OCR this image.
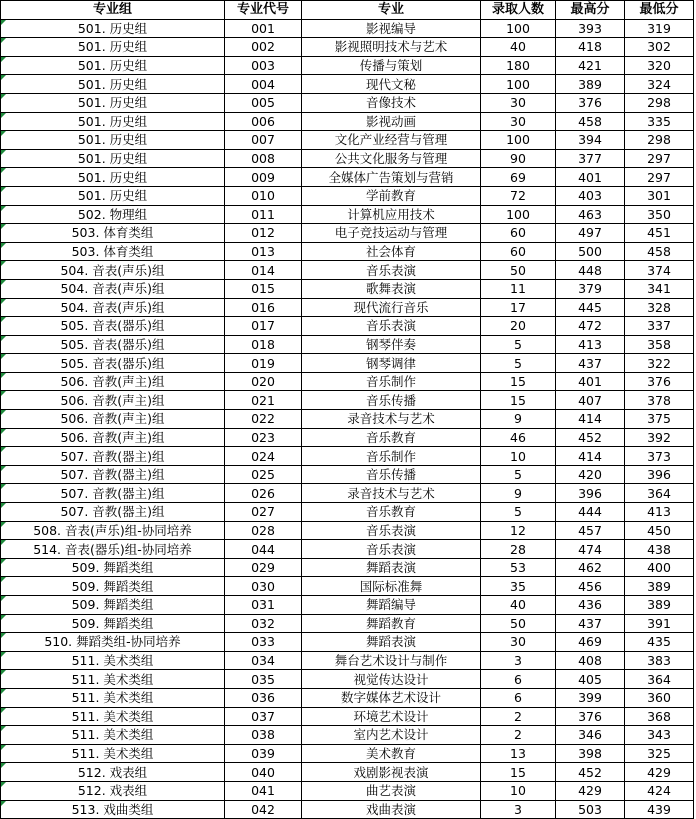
专业组	专业代号	专业	录取人数	最高分	最低分
501. 历史组	001	影视编导	100	393	319
501. 历史组	002	影视照明技术与艺术	40	418	302
501. 历史组	003	传播与策划	180	421	320
501. 历史组	004	现代文秘	100	389	324
501. 历史组	005	音像技术	30	376	298
501. 历史组	006	影视动画	30	458	335
501. 历史组	007	文化产业经营与管理	100	394	298
501. 历史组	008	公共文化服务与管理	90	377	297
501. 历史组	009	全媒体广告策划与营销	69	401	297
501. 历史组	010	学前教育	72	403	301
502. 物理组	011	计算机应用技术	100	463	350
503. 体育类组	012	电子竞技运动与管理	60	497	451
503. 体育类组	013	社会体育	60	500	458
504. 音表(声乐)组	014	音乐表演	50	448	374
504. 音表(声乐)组	015	歌舞表演	11	379	341
504. 音表(声乐)组	016	现代流行音乐	17	445	328
505. 音表(器乐)组	017	音乐表演	20	472	337
505. 音表(器乐)组	018	钢琴伴奏	5	413	358
505. 音表(器乐)组	019	钢琴调律	5	437	322
506. 音教(声主)组	020	音乐制作	15	401	376
506. 音教(声主)组	021	音乐传播	15	407	378
506. 音教(声主)组	022	录音技术与艺术	9	414	375
506. 音教(声主)组	023	音乐教育	46	452	392
507. 音教(器主)组	024	音乐制作	10	414	373
507. 音教(器主)组	025	音乐传播	5	420	396
507. 音教(器主)组	026	录音技术与艺术	9	396	364
507. 音教(器主)组	027	音乐教育	5	444	413
508. 音表(声乐)组-协同培养	028	音乐表演	12	457	450
514. 音表(器乐)组-协同培养	044	音乐表演	28	474	438
509. 舞蹈类组	029	舞蹈表演	53	462	400
509. 舞蹈类组	030	国际标准舞	35	456	389
509. 舞蹈类组	031	舞蹈编导	40	436	389
509. 舞蹈类组	032	舞蹈教育	50	437	391
510. 舞蹈类组-协同培养	033	舞蹈表演	30	469	435
511. 美术类组	034	舞台艺术设计与制作	3	408	383
511. 美术类组	035	视觉传达设计	6	405	364
511. 美术类组	036	数字媒体艺术设计	6	399	360
511. 美术类组	037	环境艺术设计	2	376	368
511. 美术类组	038	室内艺术设计	2	346	343
511. 美术类组	039	美术教育	13	398	325
512. 戏表组	040	戏剧影视表演	15	452	429
512. 戏表组	041	曲艺表演	10	429	424
513. 戏曲类组	042	戏曲表演	3	503	439
